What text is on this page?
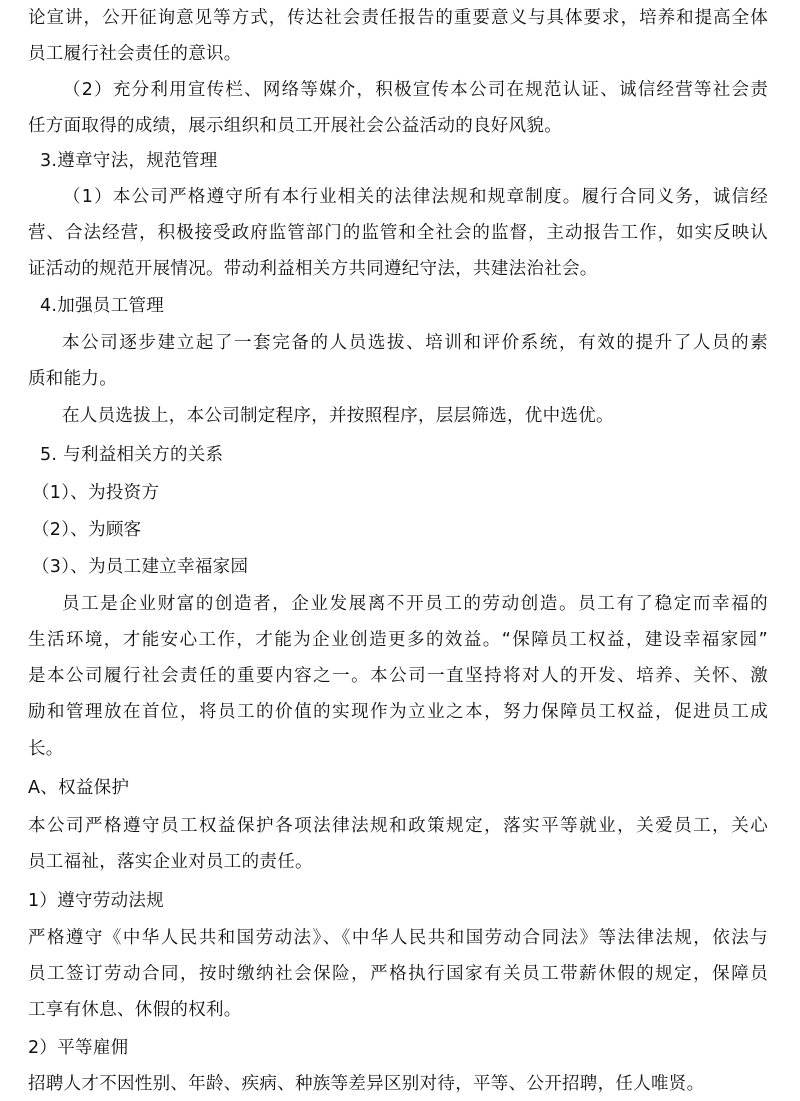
论宣讲，公开征询意见等方式，传达社会责任报告的重要意义与具体要求，培养和提高全体
员工履行社会责任的意识。
（2）充分利用宣传栏、网络等媒介，积极宣传本公司在规范认证、诚信经营等社会责
任方面取得的成绩，展示组织和员工开展社会公益活动的良好风貌。
3.遵章守法，规范管理
（1）本公司严格遵守所有本行业相关的法律法规和规章制度。履行合同义务，诚信经
营、合法经营，积极接受政府监管部门的监管和全社会的监督，主动报告工作，如实反映认
证活动的规范开展情况。带动利益相关方共同遵纪守法，共建法治社会。
4.加强员工管理
本公司逐步建立起了一套完备的人员选拔、培训和评价系统，有效的提升了人员的素
质和能力。
在人员选拔上，本公司制定程序，并按照程序，层层筛选，优中选优。
5. 与利益相关方的关系
（1）、为投资方
（2）、为顾客
（3）、为员工建立幸福家园
员工是企业财富的创造者，企业发展离不开员工的劳动创造。员工有了稳定而幸福的
生活环境，才能安心工作，才能为企业创造更多的效益。“保障员工权益，建设幸福家园”
是本公司履行社会责任的重要内容之一。本公司一直坚持将对人的开发、培养、关怀、激
励和管理放在首位，将员工的价值的实现作为立业之本，努力保障员工权益，促进员工成
长。
A、权益保护
本公司严格遵守员工权益保护各项法律法规和政策规定，落实平等就业，关爱员工，关心
员工福祉，落实企业对员工的责任。
1）遵守劳动法规
严格遵守《中华人民共和国劳动法》、《中华人民共和国劳动合同法》等法律法规，依法与
员工签订劳动合同，按时缴纳社会保险，严格执行国家有关员工带薪休假的规定，保障员
工享有休息、休假的权利。
2）平等雇佣
招聘人才不因性别、年龄、疾病、种族等差异区别对待，平等、公开招聘，任人唯贤。
